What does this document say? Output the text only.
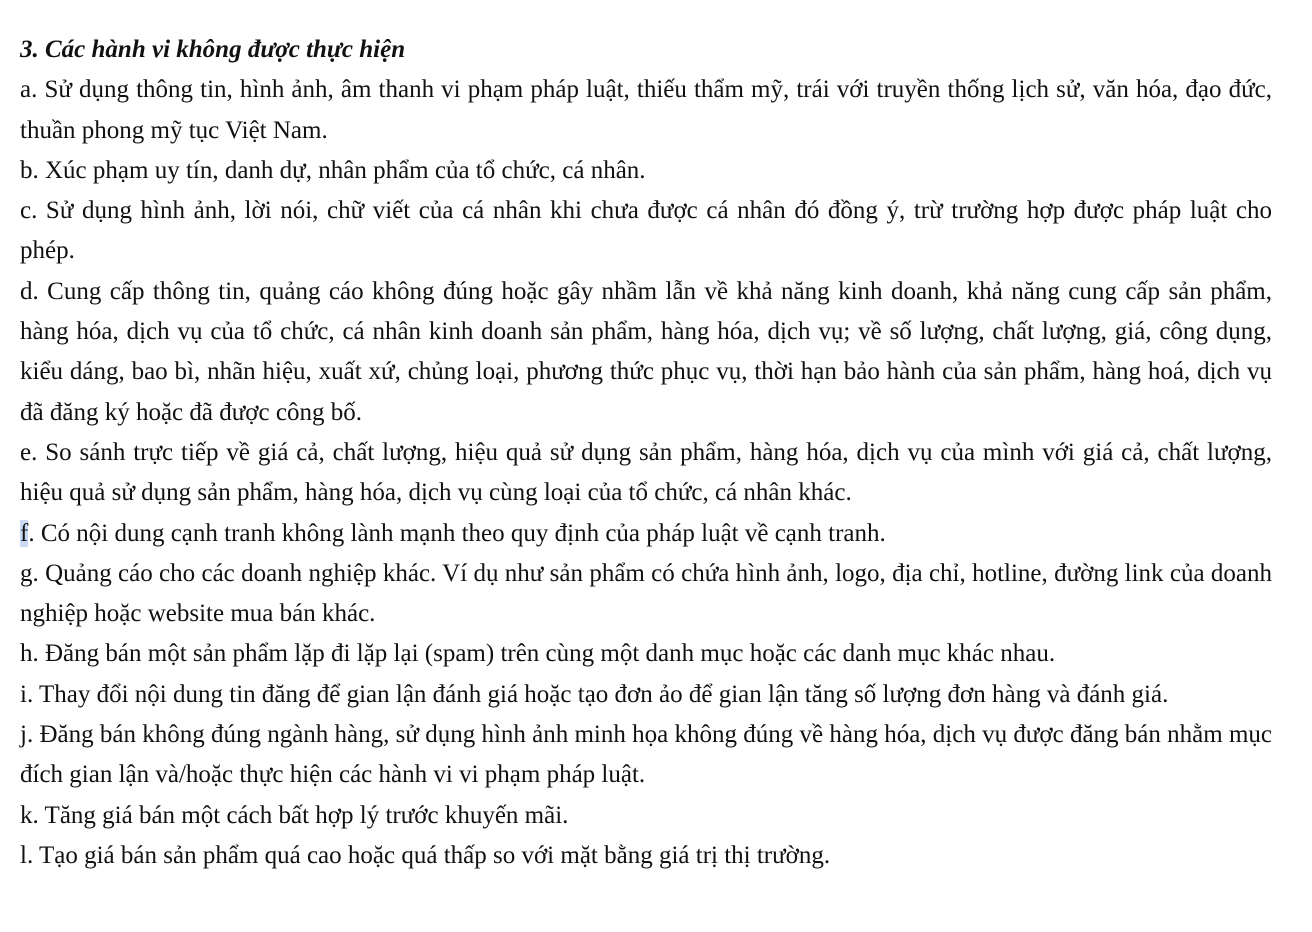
3. Các hành vi không được thực hiện

a. Sử dụng thông tin, hình ảnh, âm thanh vi phạm pháp luật, thiếu thẩm mỹ, trái với truyền thống lịch sử, văn hóa, đạo đức, thuần phong mỹ tục Việt Nam.

b. Xúc phạm uy tín, danh dự, nhân phẩm của tổ chức, cá nhân.

c. Sử dụng hình ảnh, lời nói, chữ viết của cá nhân khi chưa được cá nhân đó đồng ý, trừ trường hợp được pháp luật cho phép.

d. Cung cấp thông tin, quảng cáo không đúng hoặc gây nhầm lẫn về khả năng kinh doanh, khả năng cung cấp sản phẩm, hàng hóa, dịch vụ của tổ chức, cá nhân kinh doanh sản phẩm, hàng hóa, dịch vụ; về số lượng, chất lượng, giá, công dụng, kiểu dáng, bao bì, nhãn hiệu, xuất xứ, chủng loại, phương thức phục vụ, thời hạn bảo hành của sản phẩm, hàng hoá, dịch vụ đã đăng ký hoặc đã được công bố.

e. So sánh trực tiếp về giá cả, chất lượng, hiệu quả sử dụng sản phẩm, hàng hóa, dịch vụ của mình với giá cả, chất lượng, hiệu quả sử dụng sản phẩm, hàng hóa, dịch vụ cùng loại của tổ chức, cá nhân khác.

f. Có nội dung cạnh tranh không lành mạnh theo quy định của pháp luật về cạnh tranh.

g. Quảng cáo cho các doanh nghiệp khác. Ví dụ như sản phẩm có chứa hình ảnh, logo, địa chỉ, hotline, đường link của doanh nghiệp hoặc website mua bán khác.

h. Đăng bán một sản phẩm lặp đi lặp lại (spam) trên cùng một danh mục hoặc các danh mục khác nhau.

i. Thay đổi nội dung tin đăng để gian lận đánh giá hoặc tạo đơn ảo để gian lận tăng số lượng đơn hàng và đánh giá.

j. Đăng bán không đúng ngành hàng, sử dụng hình ảnh minh họa không đúng về hàng hóa, dịch vụ được đăng bán nhằm mục đích gian lận và/hoặc thực hiện các hành vi vi phạm pháp luật.

k. Tăng giá bán một cách bất hợp lý trước khuyến mãi.

l. Tạo giá bán sản phẩm quá cao hoặc quá thấp so với mặt bằng giá trị thị trường.
